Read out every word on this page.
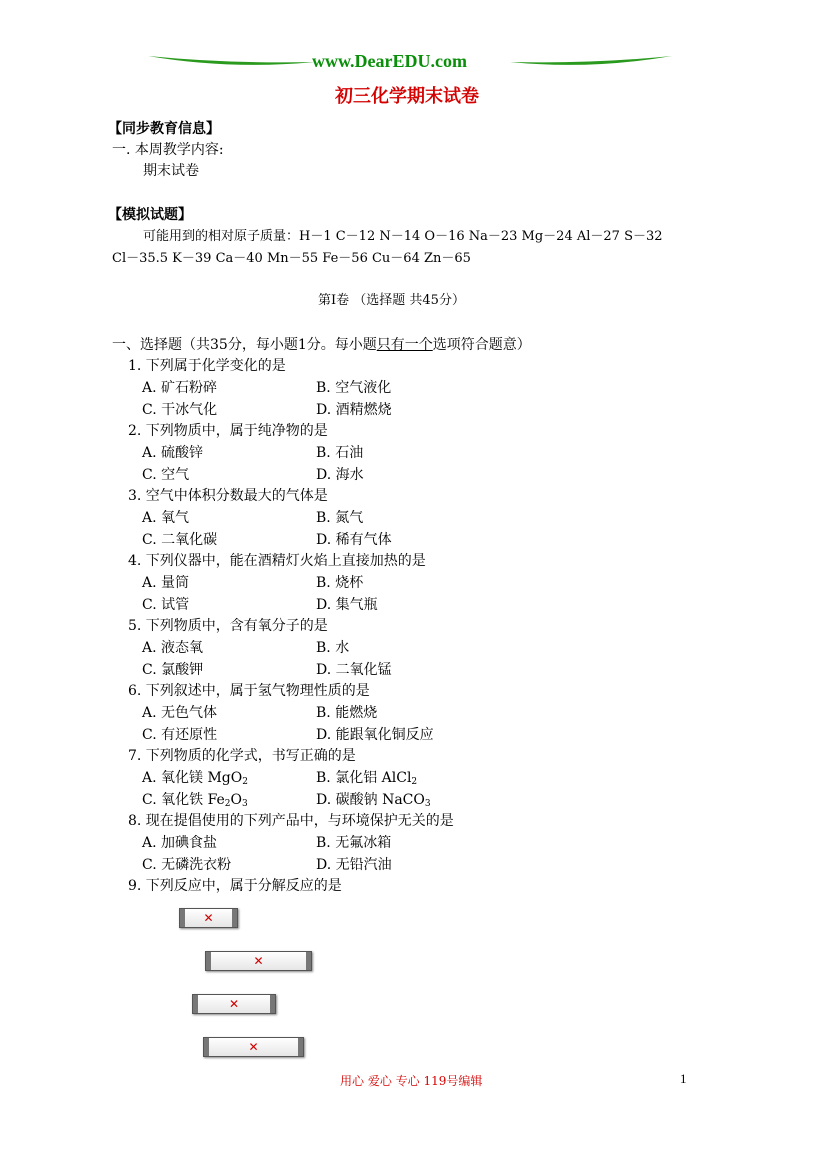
www.DearEDU.com
初三化学期末试卷
【同步教育信息】
一. 本周教学内容:
期末试卷
【模拟试题】
可能用到的相对原子质量：H－1 C－12 N－14 O－16 Na－23 Mg－24 Al－27 S－32
Cl－35.5 K－39 Ca－40 Mn－55 Fe－56 Cu－64 Zn－65
第Ⅰ卷 （选择题 共45分）
一、选择题（共35分，每小题1分。每小题只有一个选项符合题意）
1. 下列属于化学变化的是
A. 矿石粉碎	B. 空气液化
C. 干冰气化	D. 酒精燃烧
2. 下列物质中，属于纯净物的是
A. 硫酸锌	B. 石油
C. 空气	D. 海水
3. 空气中体积分数最大的气体是
A. 氧气	B. 氮气
C. 二氧化碳	D. 稀有气体
4. 下列仪器中，能在酒精灯火焰上直接加热的是
A. 量筒	B. 烧杯
C. 试管	D. 集气瓶
5. 下列物质中，含有氧分子的是
A. 液态氧	B. 水
C. 氯酸钾	D. 二氧化锰
6. 下列叙述中，属于氢气物理性质的是
A. 无色气体	B. 能燃烧
C. 有还原性	D. 能跟氧化铜反应
7. 下列物质的化学式，书写正确的是
A. 氧化镁 MgO$_2$	B. 氯化铝 AlCl$_2$
C. 氧化铁 $Fe_2O_3$	D. 碳酸钠 NaCO$_3$
8. 现在提倡使用的下列产品中，与环境保护无关的是
A. 加碘食盐	B. 无氟冰箱
C. 无磷洗衣粉	D. 无铅汽油
9. 下列反应中，属于分解反应的是
✕
✕
✕
✕
用心 爱心 专心 119号编辑	1
